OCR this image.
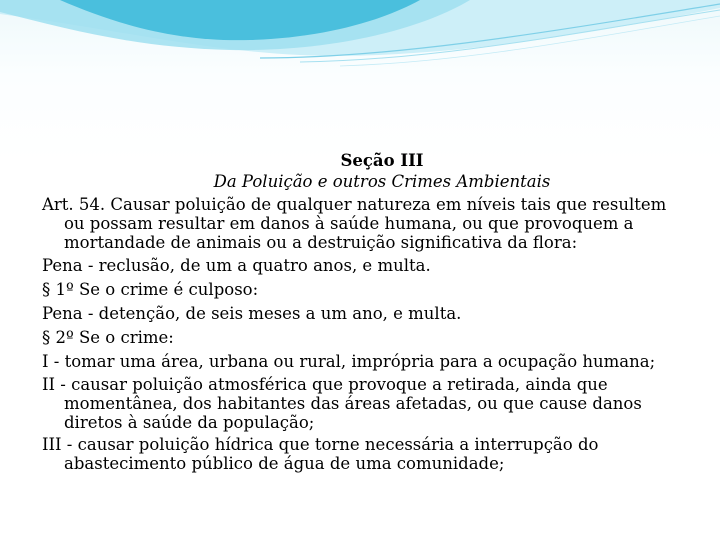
Seção III
Da Poluição e outros Crimes Ambientais
Art. 54. Causar poluição de qualquer natureza em níveis tais que resultem ou possam resultar em danos à saúde humana, ou que provoquem a mortandade de animais ou a destruição significativa da flora:
Pena - reclusão, de um a quatro anos, e multa.
§ 1º Se o crime é culposo:
Pena - detenção, de seis meses a um ano, e multa.
§ 2º Se o crime:
I - tomar uma área, urbana ou rural, imprópria para a ocupação humana;
II - causar poluição atmosférica que provoque a retirada, ainda que momentânea, dos habitantes das áreas afetadas, ou que cause danos diretos à saúde da população;
III - causar poluição hídrica que torne necessária a interrupção do abastecimento público de água de uma comunidade;
